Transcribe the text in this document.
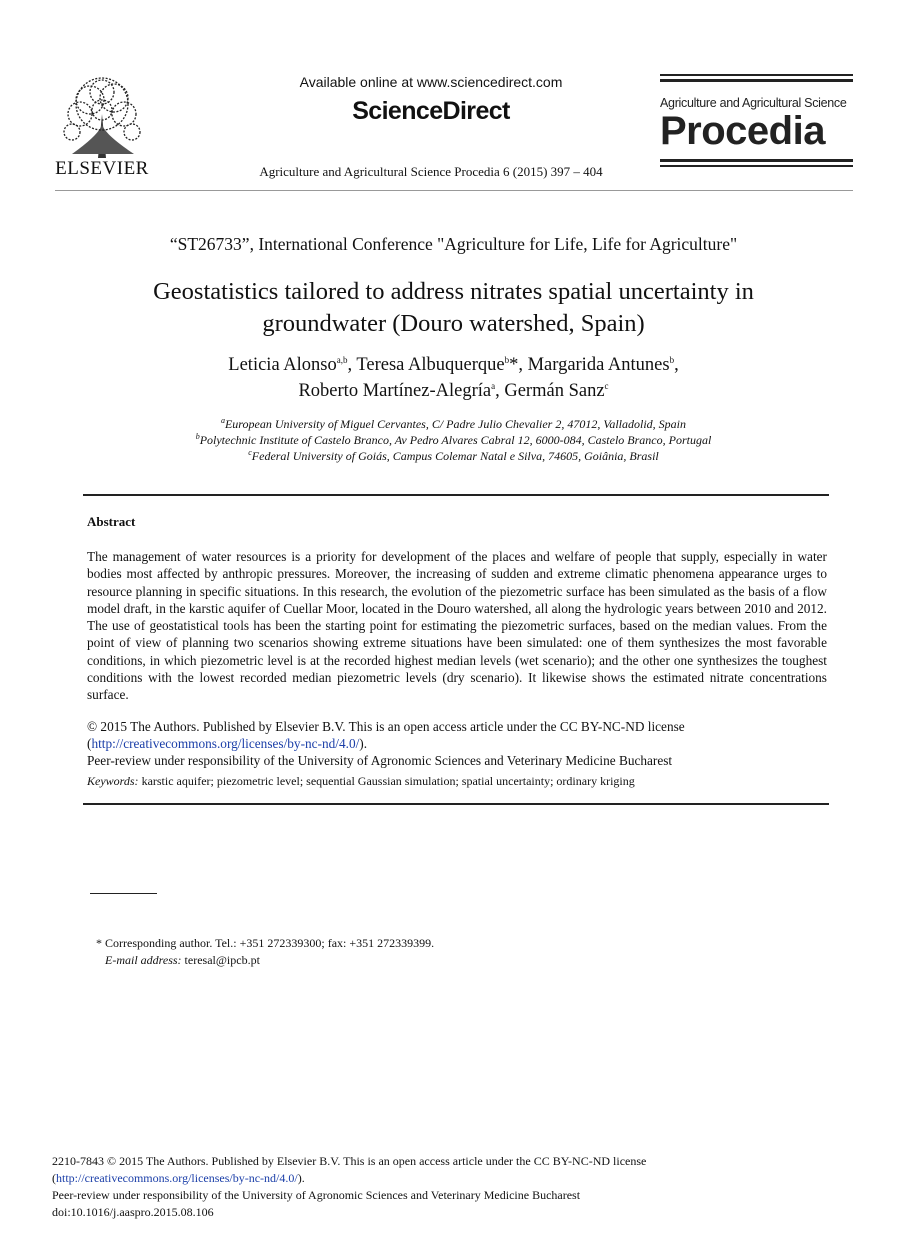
ELSEVIER
Available online at www.sciencedirect.com
ScienceDirect
Agriculture and Agricultural Science Procedia 6 (2015) 397 – 404
Agriculture and Agricultural Science
Procedia
“ST26733”, International Conference "Agriculture for Life, Life for Agriculture"
Geostatistics tailored to address nitrates spatial uncertainty in
groundwater (Douro watershed, Spain)
Leticia Alonso$^{a,b}$, Teresa Albuquerque$^b$*, Margarida Antunes$^b$,
Roberto Martínez-Alegría$^a$, Germán Sanz$^c$
$^a$European University of Miguel Cervantes, C/ Padre Julio Chevalier 2, 47012, Valladolid, Spain
$^b$Polytechnic Institute of Castelo Branco, Av Pedro Alvares Cabral 12, 6000-084, Castelo Branco, Portugal
$^c$Federal University of Goiás, Campus Colemar Natal e Silva, 74605, Goiânia, Brasil
Abstract

The management of water resources is a priority for development of the places and welfare of people that supply, especially in water bodies most affected by anthropic pressures. Moreover, the increasing of sudden and extreme climatic phenomena appearance urges to resource planning in specific situations. In this research, the evolution of the piezometric surface has been simulated as the basis of a flow model draft, in the karstic aquifer of Cuellar Moor, located in the Douro watershed, all along the hydrologic years between 2010 and 2012. The use of geostatistical tools has been the starting point for estimating the piezometric surfaces, based on the median values. From the point of view of planning two scenarios showing extreme situations have been simulated: one of them synthesizes the most favorable conditions, in which piezometric level is at the recorded highest median levels (wet scenario); and the other one synthesizes the toughest conditions with the lowest recorded median piezometric levels (dry scenario). It likewise shows the estimated nitrate concentrations surface.

© 2015 The Authors. Published by Elsevier B.V. This is an open access article under the CC BY-NC-ND license
(http://creativecommons.org/licenses/by-nc-nd/4.0/).
Peer-review under responsibility of the University of Agronomic Sciences and Veterinary Medicine Bucharest
Keywords: karstic aquifer; piezometric level; sequential Gaussian simulation; spatial uncertainty; ordinary kriging
* Corresponding author. Tel.: +351 272339300; fax: +351 272339399.
E-mail address: teresal@ipcb.pt
2210-7843 © 2015 The Authors. Published by Elsevier B.V. This is an open access article under the CC BY-NC-ND license
(http://creativecommons.org/licenses/by-nc-nd/4.0/).
Peer-review under responsibility of the University of Agronomic Sciences and Veterinary Medicine Bucharest
doi:10.1016/j.aaspro.2015.08.106
